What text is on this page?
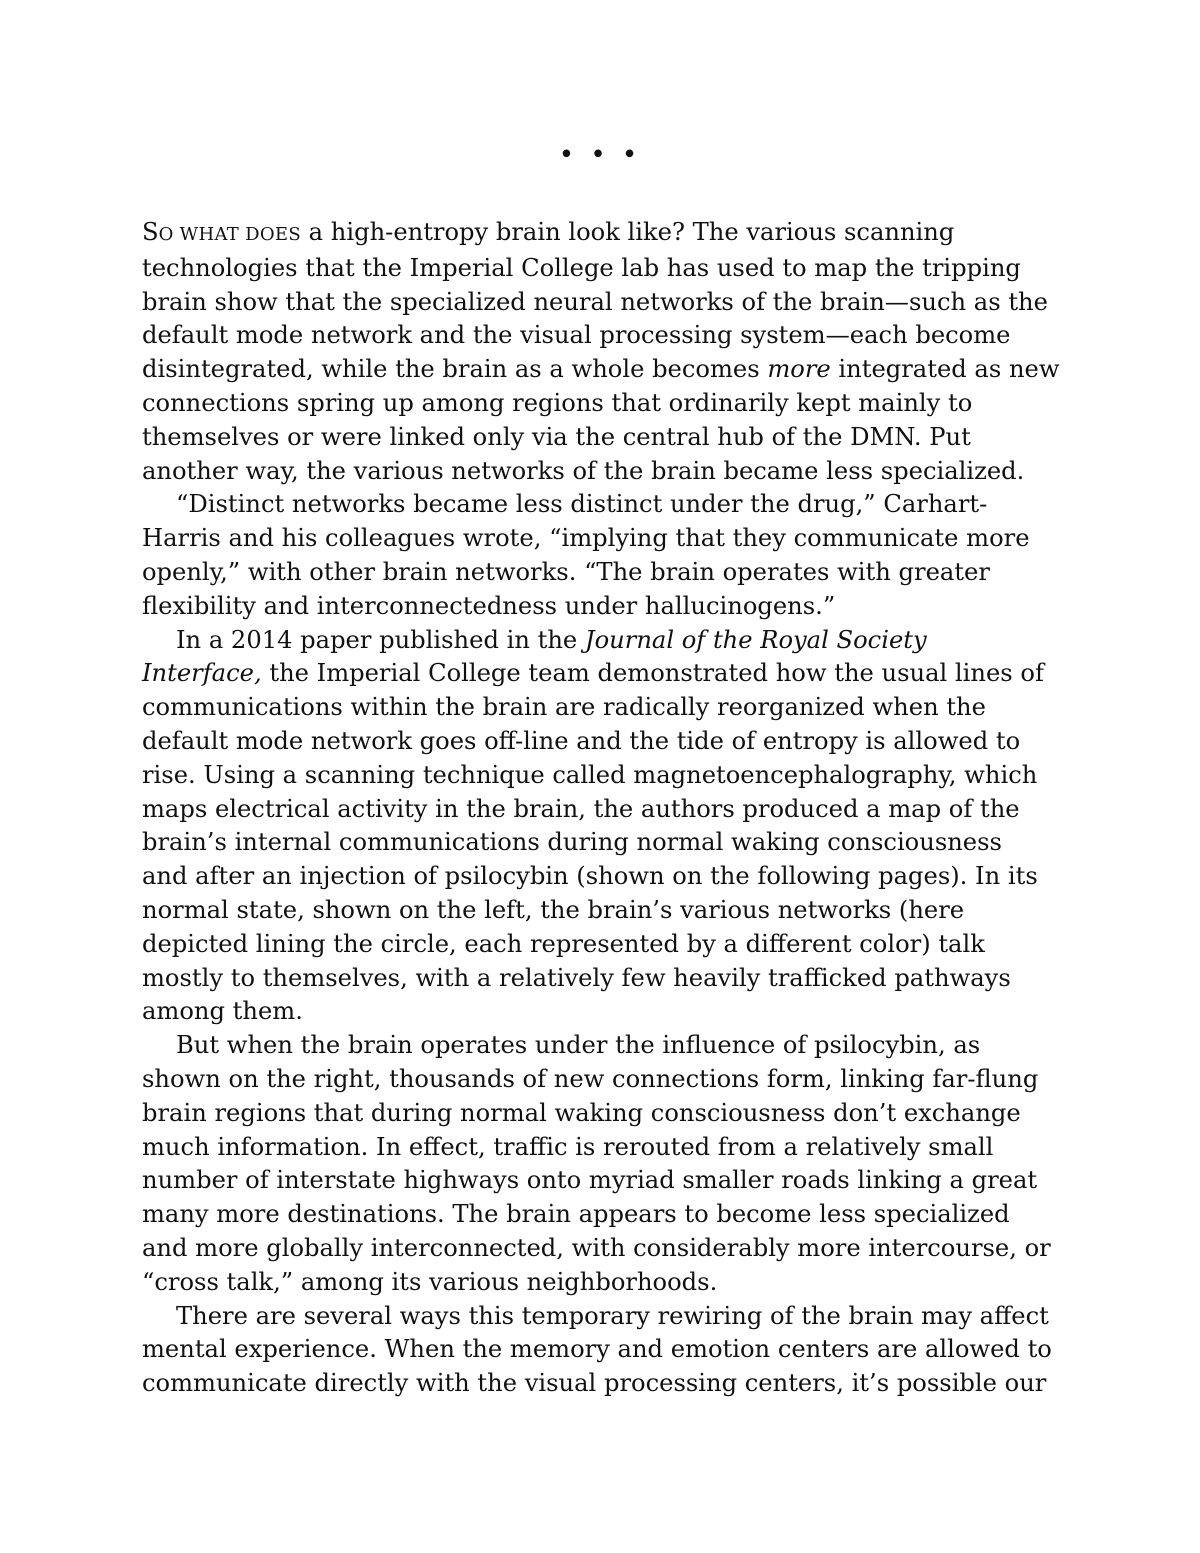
• • •
SO WHAT DOES a high-entropy brain look like? The various scanning
technologies that the Imperial College lab has used to map the tripping
brain show that the specialized neural networks of the brain—such as the
default mode network and the visual processing system—each become
disintegrated, while the brain as a whole becomes more integrated as new
connections spring up among regions that ordinarily kept mainly to
themselves or were linked only via the central hub of the DMN. Put
another way, the various networks of the brain became less specialized.
“Distinct networks became less distinct under the drug,” Carhart-
Harris and his colleagues wrote, “implying that they communicate more
openly,” with other brain networks. “The brain operates with greater
flexibility and interconnectedness under hallucinogens.”
In a 2014 paper published in the Journal of the Royal Society
Interface, the Imperial College team demonstrated how the usual lines of
communications within the brain are radically reorganized when the
default mode network goes off-line and the tide of entropy is allowed to
rise. Using a scanning technique called magnetoencephalography, which
maps electrical activity in the brain, the authors produced a map of the
brain’s internal communications during normal waking consciousness
and after an injection of psilocybin (shown on the following pages). In its
normal state, shown on the left, the brain’s various networks (here
depicted lining the circle, each represented by a different color) talk
mostly to themselves, with a relatively few heavily trafficked pathways
among them.
But when the brain operates under the influence of psilocybin, as
shown on the right, thousands of new connections form, linking far-flung
brain regions that during normal waking consciousness don’t exchange
much information. In effect, traffic is rerouted from a relatively small
number of interstate highways onto myriad smaller roads linking a great
many more destinations. The brain appears to become less specialized
and more globally interconnected, with considerably more intercourse, or
“cross talk,” among its various neighborhoods.
There are several ways this temporary rewiring of the brain may affect
mental experience. When the memory and emotion centers are allowed to
communicate directly with the visual processing centers, it’s possible our
